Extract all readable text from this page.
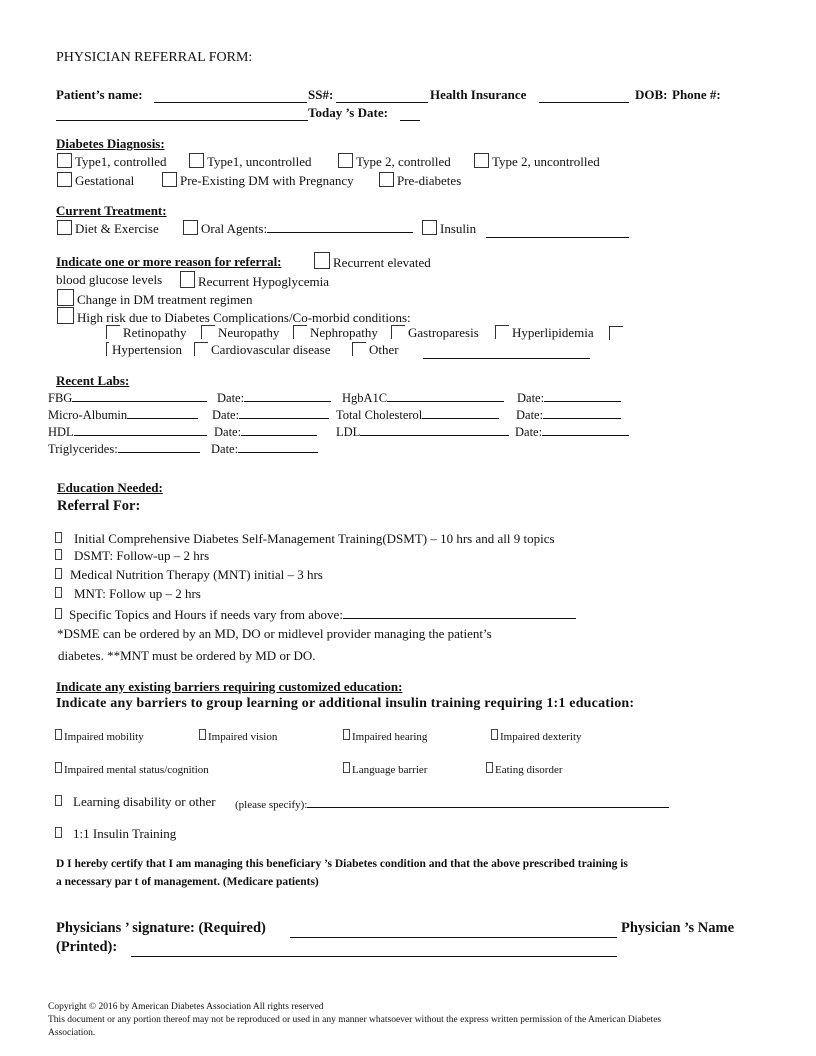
PHYSICIAN REFERRAL FORM:
Patient’s name:	SS#:	Health Insurance	DOB: Phone #:
Today ’s Date:
Diabetes Diagnosis:
Type1, controlled	Type1, uncontrolled	Type 2, controlled	Type 2, uncontrolled
Gestational	Pre-Existing DM with Pregnancy	Pre-diabetes
Current Treatment:
Diet & Exercise	Oral Agents:	Insulin
Indicate one or more reason for referral:	Recurrent elevated
blood glucose levels	Recurrent Hypoglycemia
Change in DM treatment regimen
High risk due to Diabetes Complications/Co-morbid conditions:
Retinopathy	Neuropathy	Nephropathy	Gastroparesis	Hyperlipidemia
Hypertension	Cardiovascular disease	Other
Recent Labs:
FBG	Date:	HgbA1C	Date:
Micro-Albumin	Date:	Total Cholesterol	Date:
HDL	Date:	LDL	Date:
Triglycerides:	Date:
Education Needed:
Referral For:
Initial Comprehensive Diabetes Self-Management Training(DSMT) – 10 hrs and all 9 topics
DSMT: Follow-up – 2 hrs
Medical Nutrition Therapy (MNT) initial – 3 hrs
MNT: Follow up – 2 hrs
Specific Topics and Hours if needs vary from above:
*DSME can be ordered by an MD, DO or midlevel provider managing the patient’s
diabetes. **MNT must be ordered by MD or DO.
Indicate any existing barriers requiring customized education:
Indicate any barriers to group learning or additional insulin training requiring 1:1 education:
Impaired mobility	Impaired vision	Impaired hearing	Impaired dexterity
Impaired mental status/cognition	Language barrier	Eating disorder
Learning disability or other (please specify):
1:1 Insulin Training
D I hereby certify that I am managing this beneficiary ’s Diabetes condition and that the above prescribed training is
a necessary par t of management. (Medicare patients)
Physicians ’ signature: (Required)	Physician ’s Name
(Printed):
Copyright © 2016 by American Diabetes Association All rights reserved
This document or any portion thereof may not be reproduced or used in any manner whatsoever without the express written permission of the American Diabetes
Association.
